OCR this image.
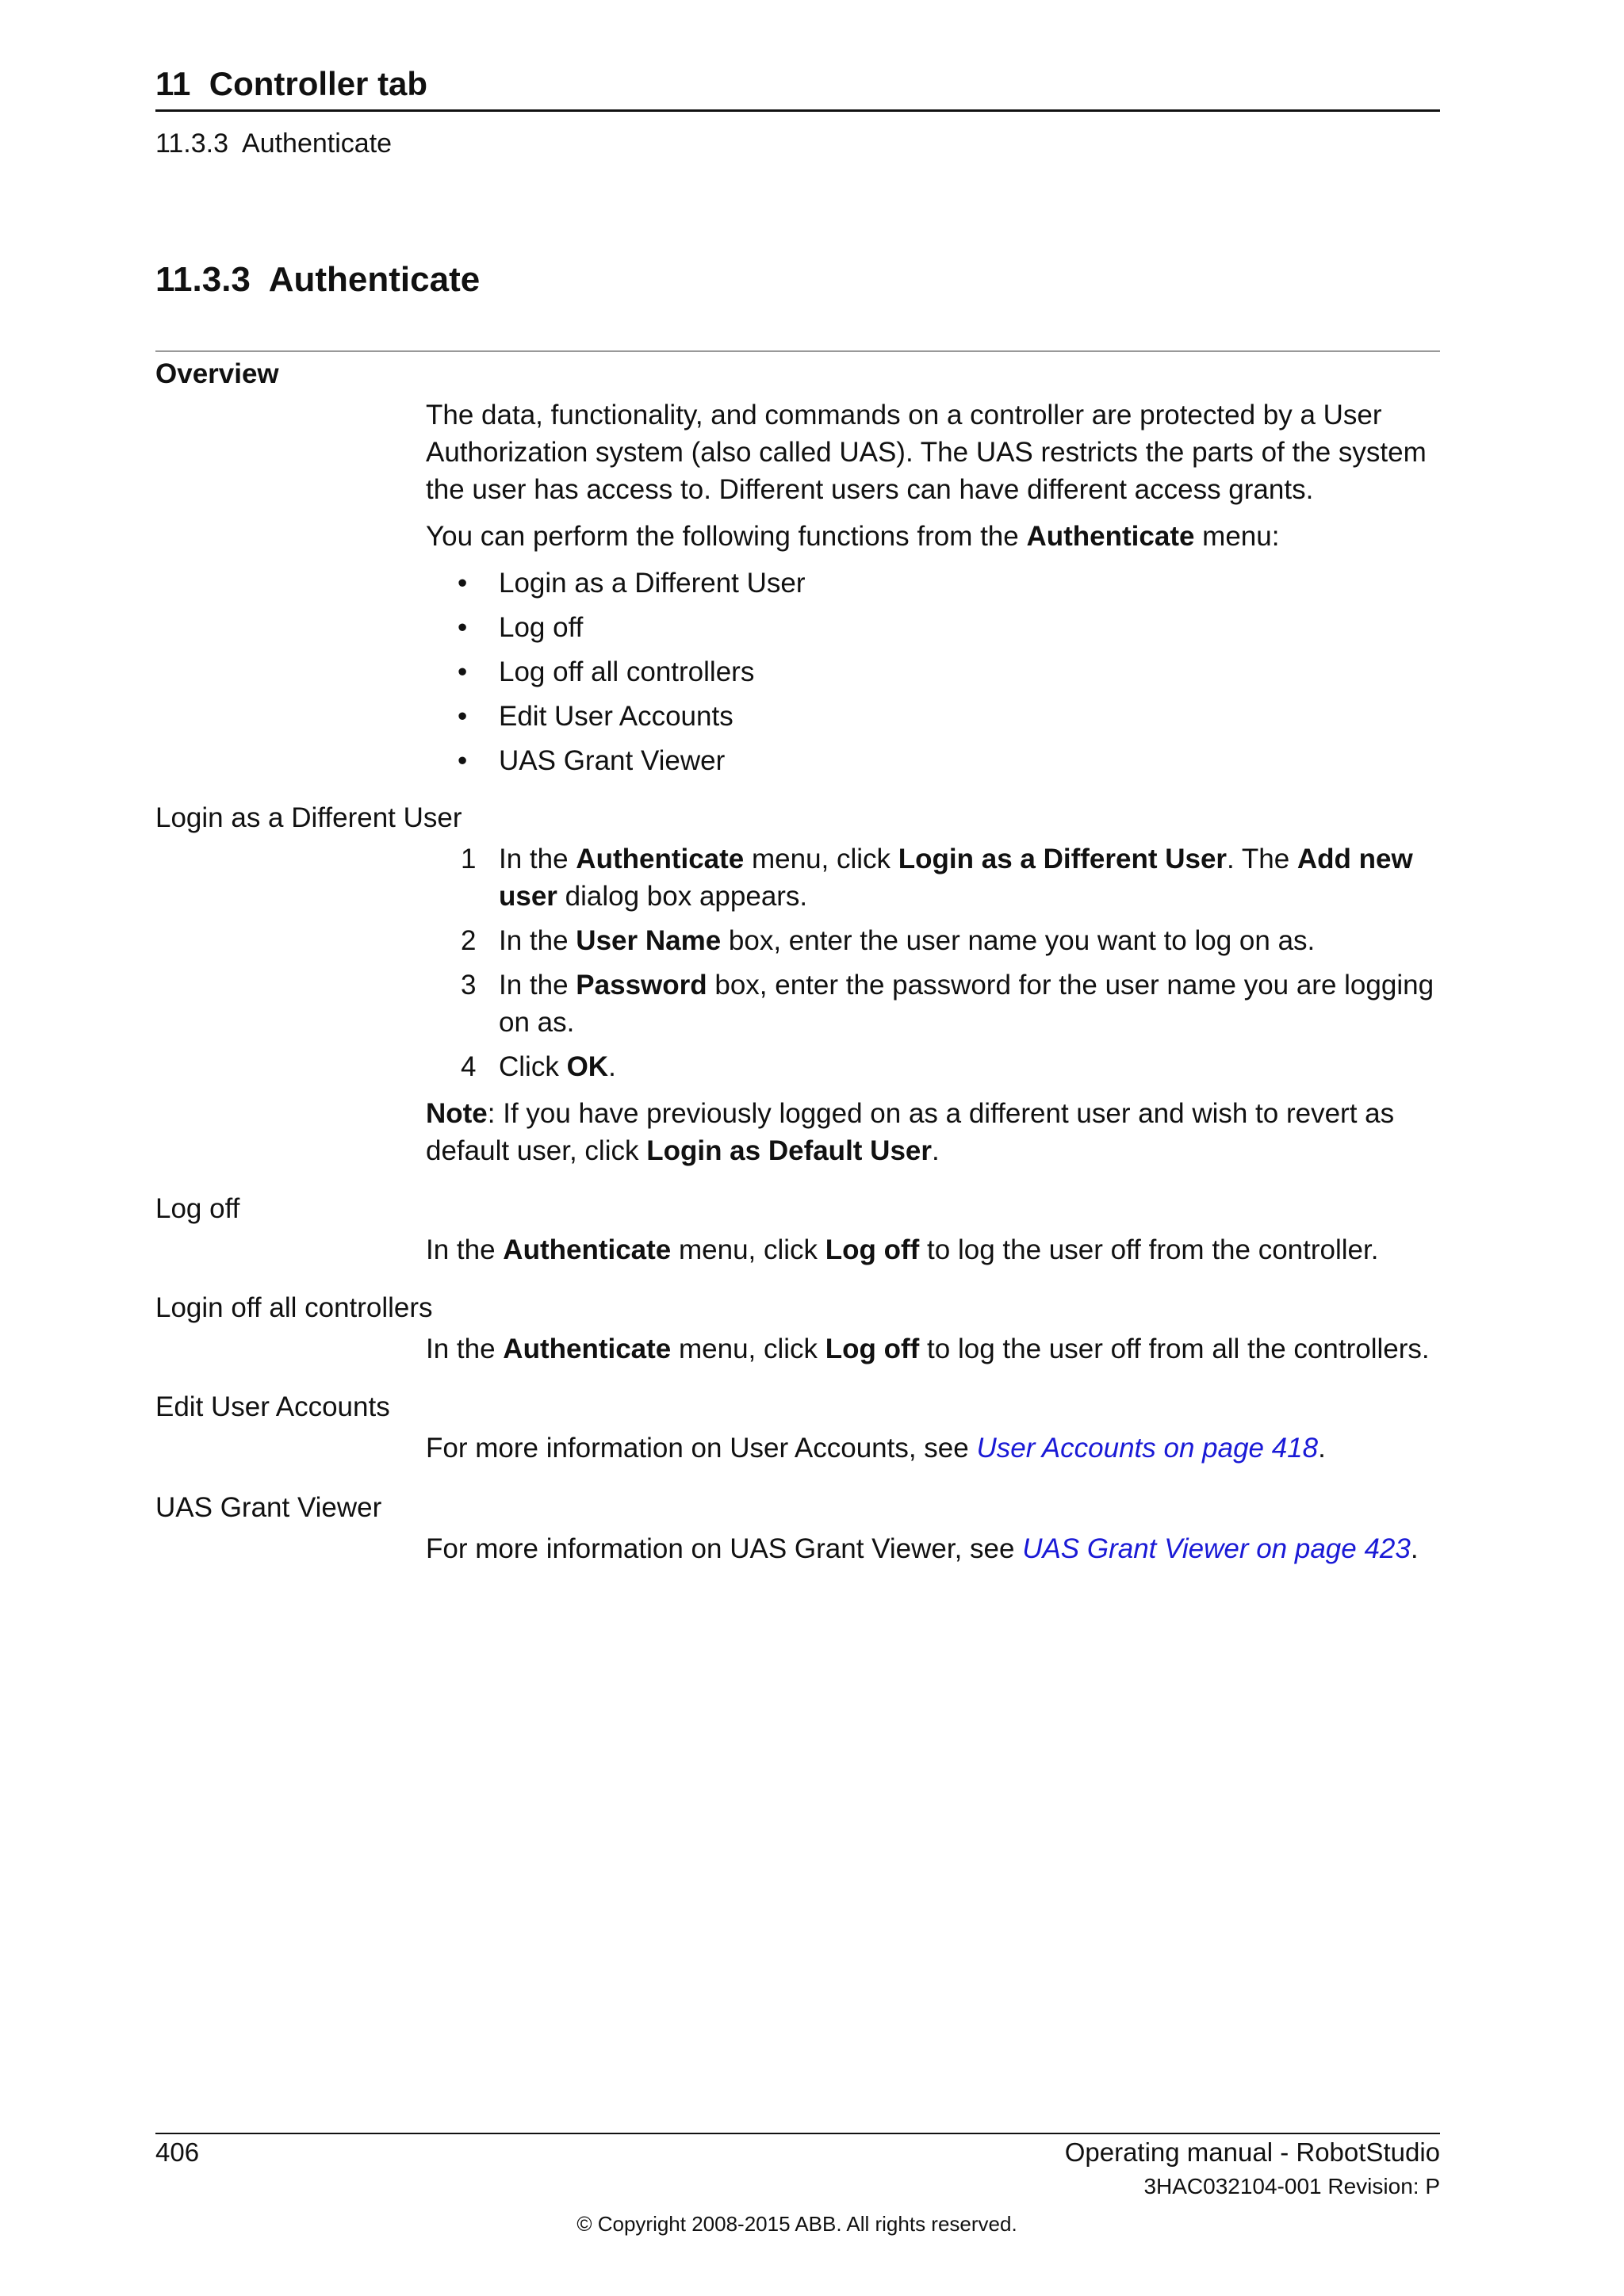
11  Controller tab
11.3.3  Authenticate
11.3.3  Authenticate
Overview

The data, functionality, and commands on a controller are protected by a User Authorization system (also called UAS). The UAS restricts the parts of the system the user has access to. Different users can have different access grants.

You can perform the following functions from the Authenticate menu:

• Login as a Different User
• Log off
• Log off all controllers
• Edit User Accounts
• UAS Grant Viewer
Login as a Different User
1 In the Authenticate menu, click Login as a Different User. The Add new user dialog box appears.
2 In the User Name box, enter the user name you want to log on as.
3 In the Password box, enter the password for the user name you are logging on as.
4 Click OK.

Note: If you have previously logged on as a different user and wish to revert as default user, click Login as Default User.

Log off

In the Authenticate menu, click Log off to log the user off from the controller.

Login off all controllers

In the Authenticate menu, click Log off to log the user off from all the controllers.

Edit User Accounts

For more information on User Accounts, see User Accounts on page 418.

UAS Grant Viewer

For more information on UAS Grant Viewer, see UAS Grant Viewer on page 423.

406	Operating manual - RobotStudio
3HAC032104-001 Revision: P
© Copyright 2008-2015 ABB. All rights reserved.
